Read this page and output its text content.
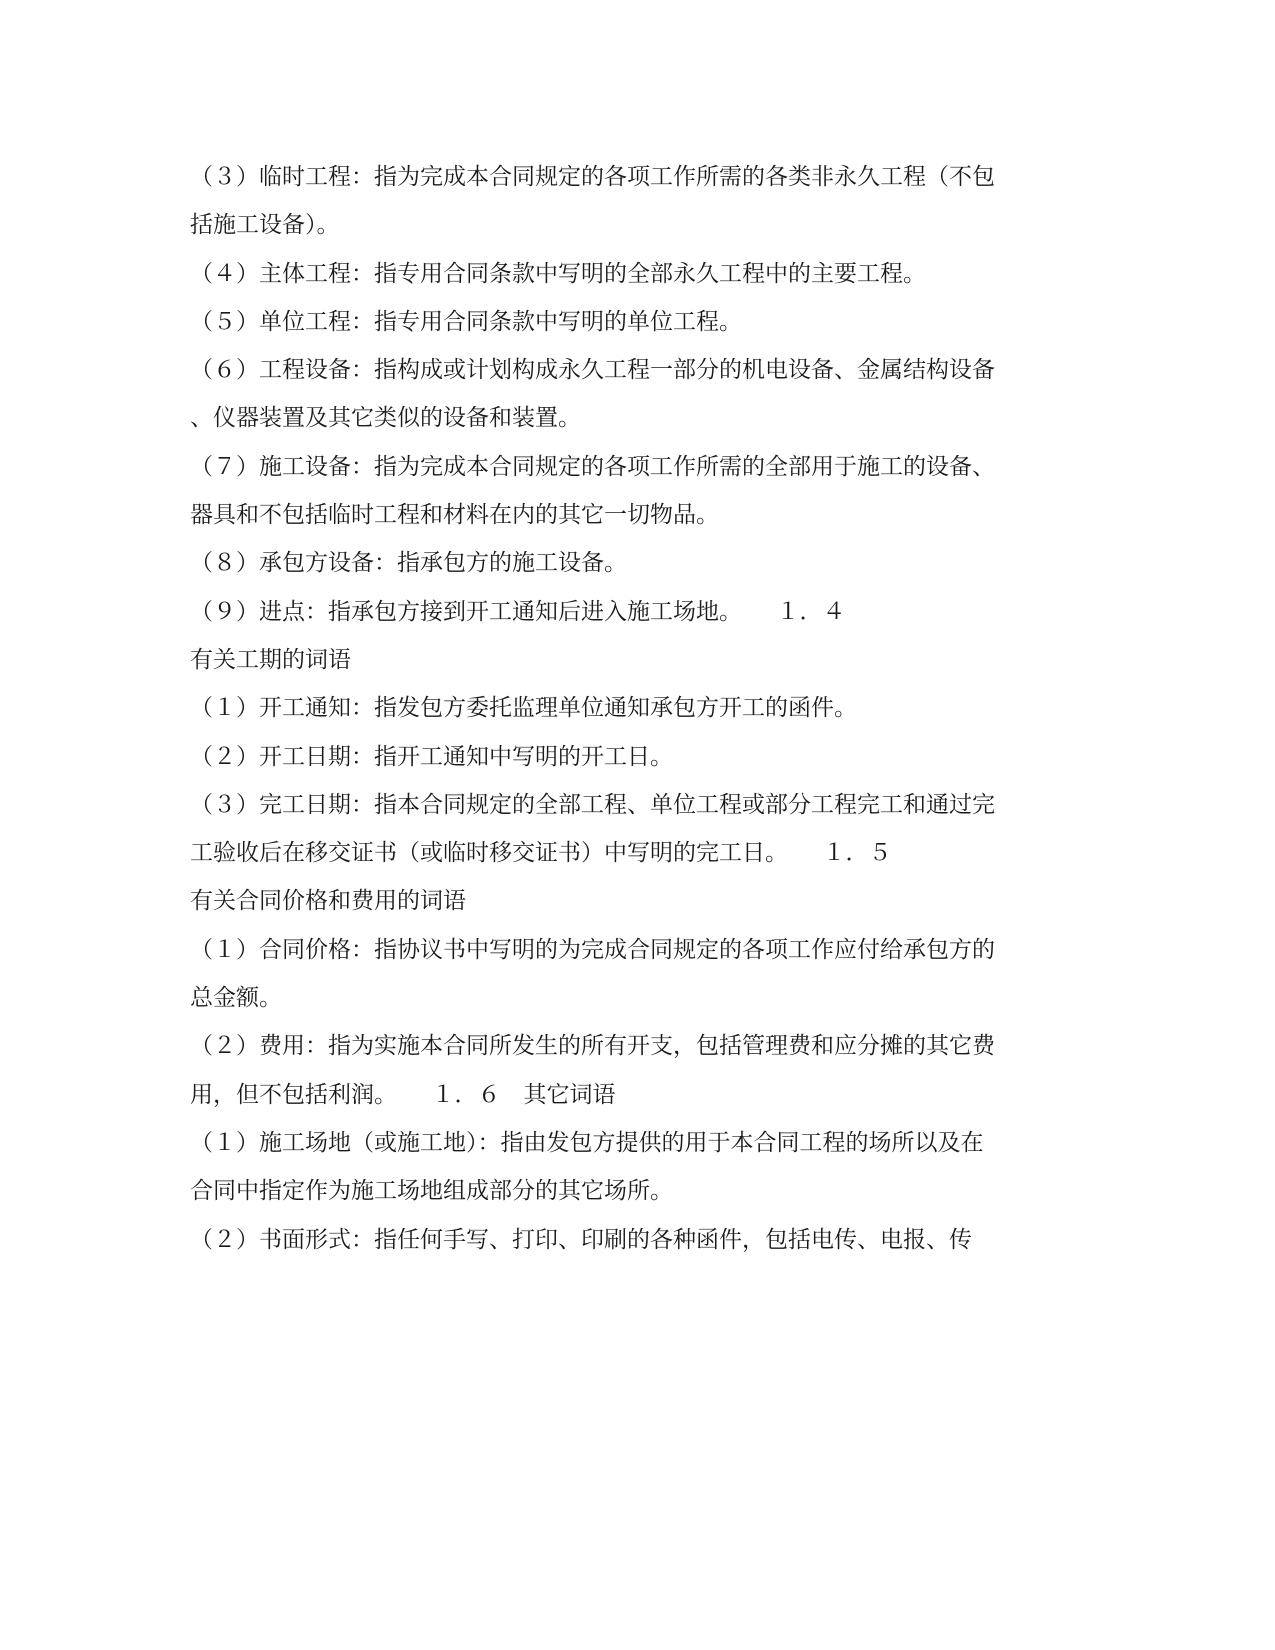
（３）临时工程：指为完成本合同规定的各项工作所需的各类非永久工程（不包
括施工设备）。
（４）主体工程：指专用合同条款中写明的全部永久工程中的主要工程。
（５）单位工程：指专用合同条款中写明的单位工程。
（６）工程设备：指构成或计划构成永久工程一部分的机电设备、金属结构设备
、仪器装置及其它类似的设备和装置。
（７）施工设备：指为完成本合同规定的各项工作所需的全部用于施工的设备、
器具和不包括临时工程和材料在内的其它一切物品。
（８）承包方设备：指承包方的施工设备。
（９）进点：指承包方接到开工通知后进入施工场地。　　１．４
有关工期的词语
（１）开工通知：指发包方委托监理单位通知承包方开工的函件。
（２）开工日期：指开工通知中写明的开工日。
（３）完工日期：指本合同规定的全部工程、单位工程或部分工程完工和通过完
工验收后在移交证书（或临时移交证书）中写明的完工日。　　１．５
有关合同价格和费用的词语
（１）合同价格：指协议书中写明的为完成合同规定的各项工作应付给承包方的
总金额。
（２）费用：指为实施本合同所发生的所有开支，包括管理费和应分摊的其它费
用，但不包括利润。　　１．６　其它词语
（１）施工场地（或施工地）：指由发包方提供的用于本合同工程的场所以及在
合同中指定作为施工场地组成部分的其它场所。
（２）书面形式：指任何手写、打印、印刷的各种函件，包括电传、电报、传
